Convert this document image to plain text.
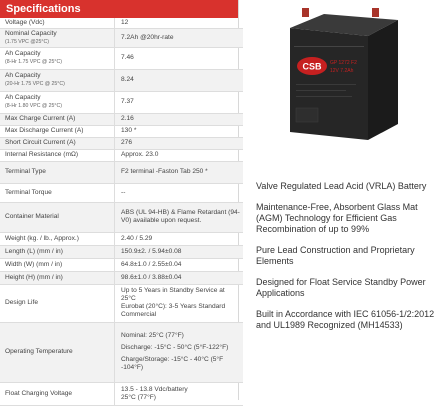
Specifications
Voltage (Vdc)	12

Nominal Capacity
(1.75 VPC @25°C)	7.2Ah @20hr-rate

Ah Capacity
(8-Hr 1.75 VPC @ 25°C)	7.46

Ah Capacity
(20-Hr 1.75 VPC @ 25°C)	8.24

Ah Capacity
(8-Hr 1.80 VPC @ 25°C)	7.37
Max Charge Current (A)	2.16
Max Discharge Current (A)	130 *
Short Circuit Current (A)	276
Internal Resistance (mΩ)	Approx. 23.0
Terminal Type	F2 terminal -Faston Tab 250 *
Terminal Torque	--
Container Material	ABS (UL 94-HB) & Flame Retardant (94-V0) available upon request.
Weight (kg. / lb., Approx.)	2.40 / 5.29
Length (L) (mm / in)	150.9±2. / 5.94±0.08
Width (W) (mm / in)	64.8±1.0 / 2.55±0.04
Height (H) (mm / in)	98.6±1.0 / 3.88±0.04
Design Life	Up to 5 Years in Standby Service at 25°C
Eurobat (20°C): 3-5 Years Standard Commercial

Operating Temperature	Nominal: 25°C (77°F)
Discharge: -15°C - 50°C (5°F-122°F)
Charge/Storage: -15°C - 40°C (5°F -104°F)

Float Charging Voltage	13.5 - 13.8 Vdc/battery
25°C (77°F)
CSB GP 1272 F2
12V 7.2Ah
Valve Regulated Lead Acid (VRLA) Battery
Maintenance-Free, Absorbent Glass Mat (AGM) Technology for Efficient Gas Recombination of up to 99%
Pure Lead Construction and Proprietary Elements
Designed for Float Service Standby Power Applications
Built in Accordance with IEC 61056-1/2:2012 and UL1989 Recognized (MH14533)
